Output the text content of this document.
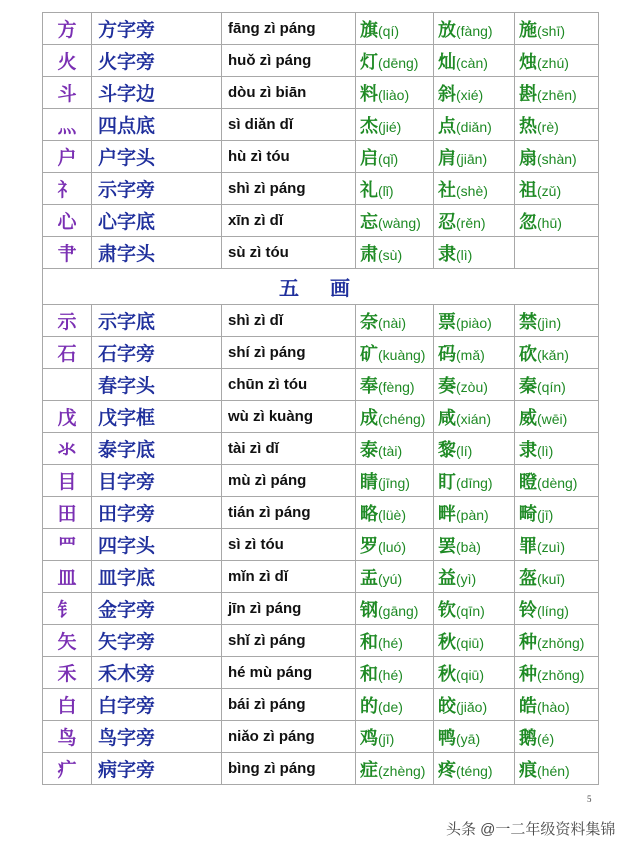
方	方字旁	fāng zì páng	旗(qí)	放(fàng)	施(shī)
火	火字旁	huǒ zì páng	灯(dēng)	灿(càn)	烛(zhú)
斗	斗字边	dòu zì biān	料(liào)	斜(xié)	斟(zhēn)
灬	四点底	sì diǎn dǐ	杰(jié)	点(diǎn)	热(rè)
户	户字头	hù zì tóu	启(qǐ)	肩(jiān)	扇(shàn)
礻	示字旁	shì zì páng	礼(lǐ)	社(shè)	祖(zǔ)
心	心字底	xīn zì dǐ	忘(wàng)	忍(rěn)	忽(hū)
肀	肃字头	sù zì tóu	肃(sù)	隶(lì)	
五 画					
示	示字底	shì zì dǐ	奈(nài)	票(piào)	禁(jìn)
石	石字旁	shí zì páng	矿(kuàng)	码(mǎ)	砍(kǎn)
	春字头	chūn zì tóu	奉(fèng)	奏(zòu)	秦(qín)
戊	戊字框	wù zì kuàng	成(chéng)	咸(xián)	威(wēi)
氺	泰字底	tài zì dǐ	泰(tài)	黎(lí)	隶(lì)
目	目字旁	mù zì páng	睛(jīng)	盯(dīng)	瞪(dèng)
田	田字旁	tián zì páng	略(lüè)	畔(pàn)	畸(jī)
罒	四字头	sì zì tóu	罗(luó)	罢(bà)	罪(zuì)
皿	皿字底	mǐn zì dǐ	盂(yú)	益(yì)	盔(kuī)
钅	金字旁	jīn zì páng	钢(gāng)	钦(qīn)	铃(líng)
矢	矢字旁	shǐ zì páng	和(hé)	秋(qiū)	种(zhǒng)
禾	禾木旁	hé mù páng	和(hé)	秋(qiū)	种(zhǒng)
白	白字旁	bái zì páng	的(de)	皎(jiǎo)	皓(hào)
鸟	鸟字旁	niǎo zì páng	鸡(jī)	鸭(yā)	鹅(é)
疒	病字旁	bìng zì páng	症(zhèng)	疼(téng)	痕(hén)
5
头条 @一二年级资料集锦
